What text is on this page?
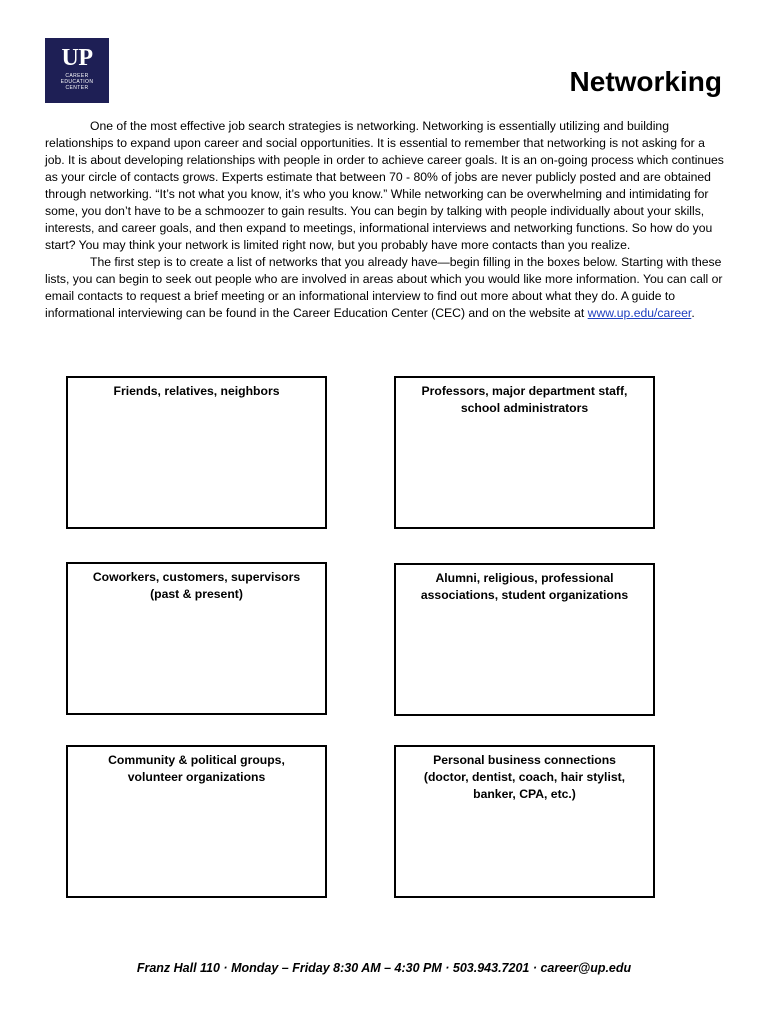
UP
CAREER
EDUCATION
CENTER	Networking

One of the most effective job search strategies is networking. Networking is essentially utilizing and building relationships to expand upon career and social opportunities. It is essential to remember that networking is not asking for a job. It is about developing relationships with people in order to achieve career goals. It is an on-going process which continues as your circle of contacts grows. Experts estimate that between 70 - 80% of jobs are never publicly posted and are obtained through networking. “It’s not what you know, it’s who you know.” While networking can be overwhelming and intimidating for some, you don’t have to be a schmoozer to gain results. You can begin by talking with people individually about your skills, interests, and career goals, and then expand to meetings, informational interviews and networking functions. So how do you start? You may think your network is limited right now, but you probably have more contacts than you realize.

The first step is to create a list of networks that you already have—begin filling in the boxes below. Starting with these lists, you can begin to seek out people who are involved in areas about which you would like more information. You can call or email contacts to request a brief meeting or an informational interview to find out more about what they do. A guide to informational interviewing can be found in the Career Education Center (CEC) and on the website at www.up.edu/career.

Friends, relatives, neighbors	Professors, major department staff,
school administrators
Coworkers, customers, supervisors
(past & present)
Alumni, religious, professional
associations, student organizations
Community & political groups,
volunteer organizations
Personal business connections
(doctor, dentist, coach, hair stylist,
banker, CPA, etc.)

Franz Hall 110 · Monday – Friday 8:30 AM – 4:30 PM · 503.943.7201 · career@up.edu
